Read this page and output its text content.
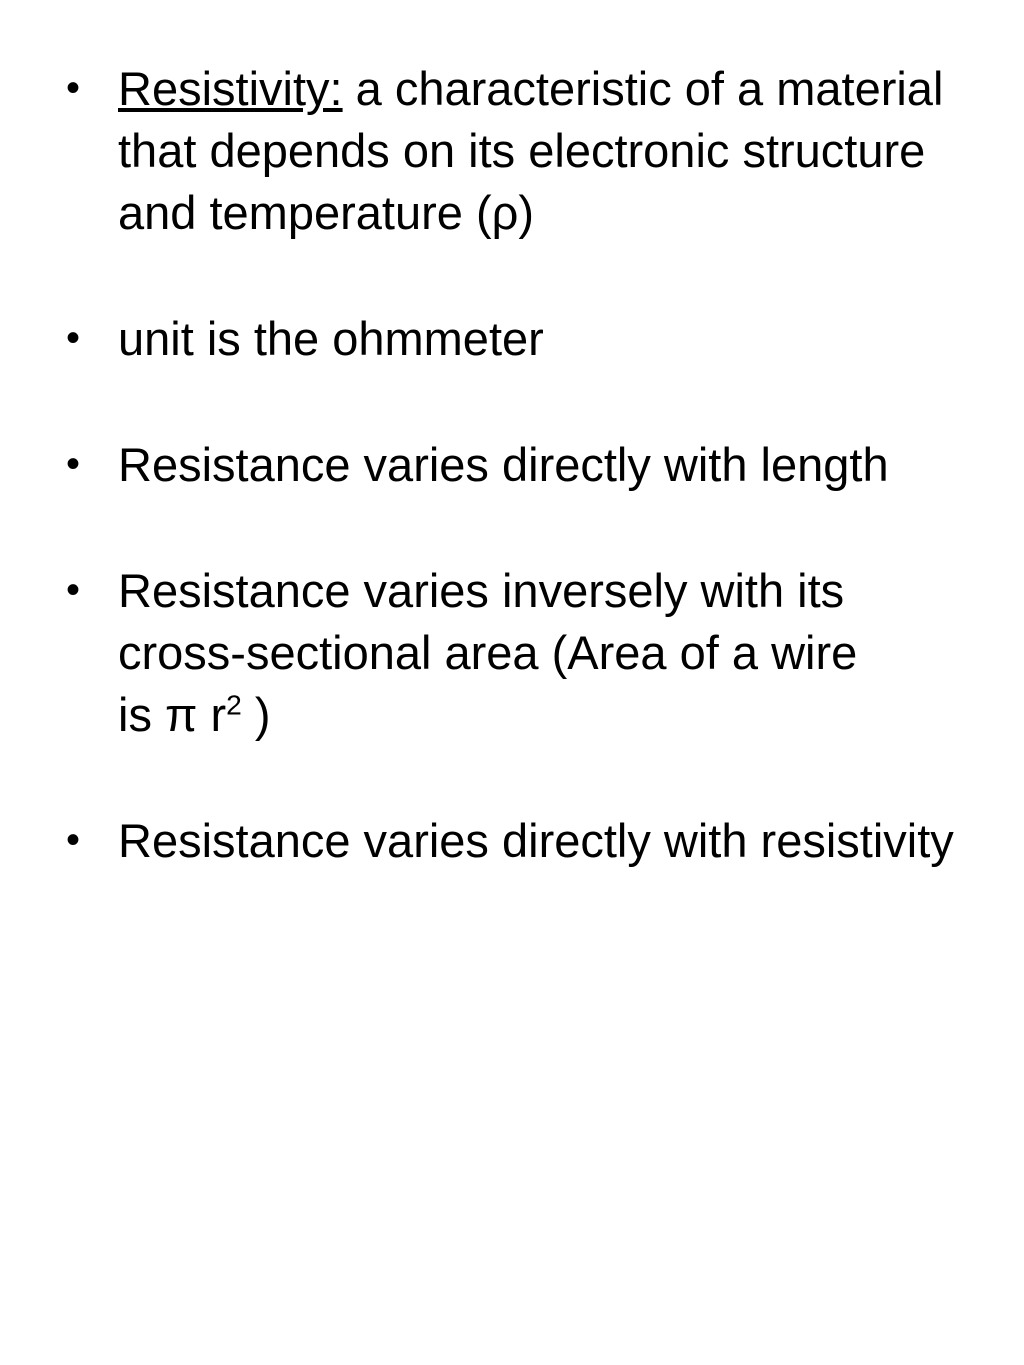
• Resistivity: a characteristic of a material that depends on its electronic structure and temperature (ρ)
• unit is the ohmmeter
• Resistance varies directly with length
• Resistance varies inversely with its cross-sectional area (Area of a wire is π $r^2$ )
• Resistance varies directly with resistivity
